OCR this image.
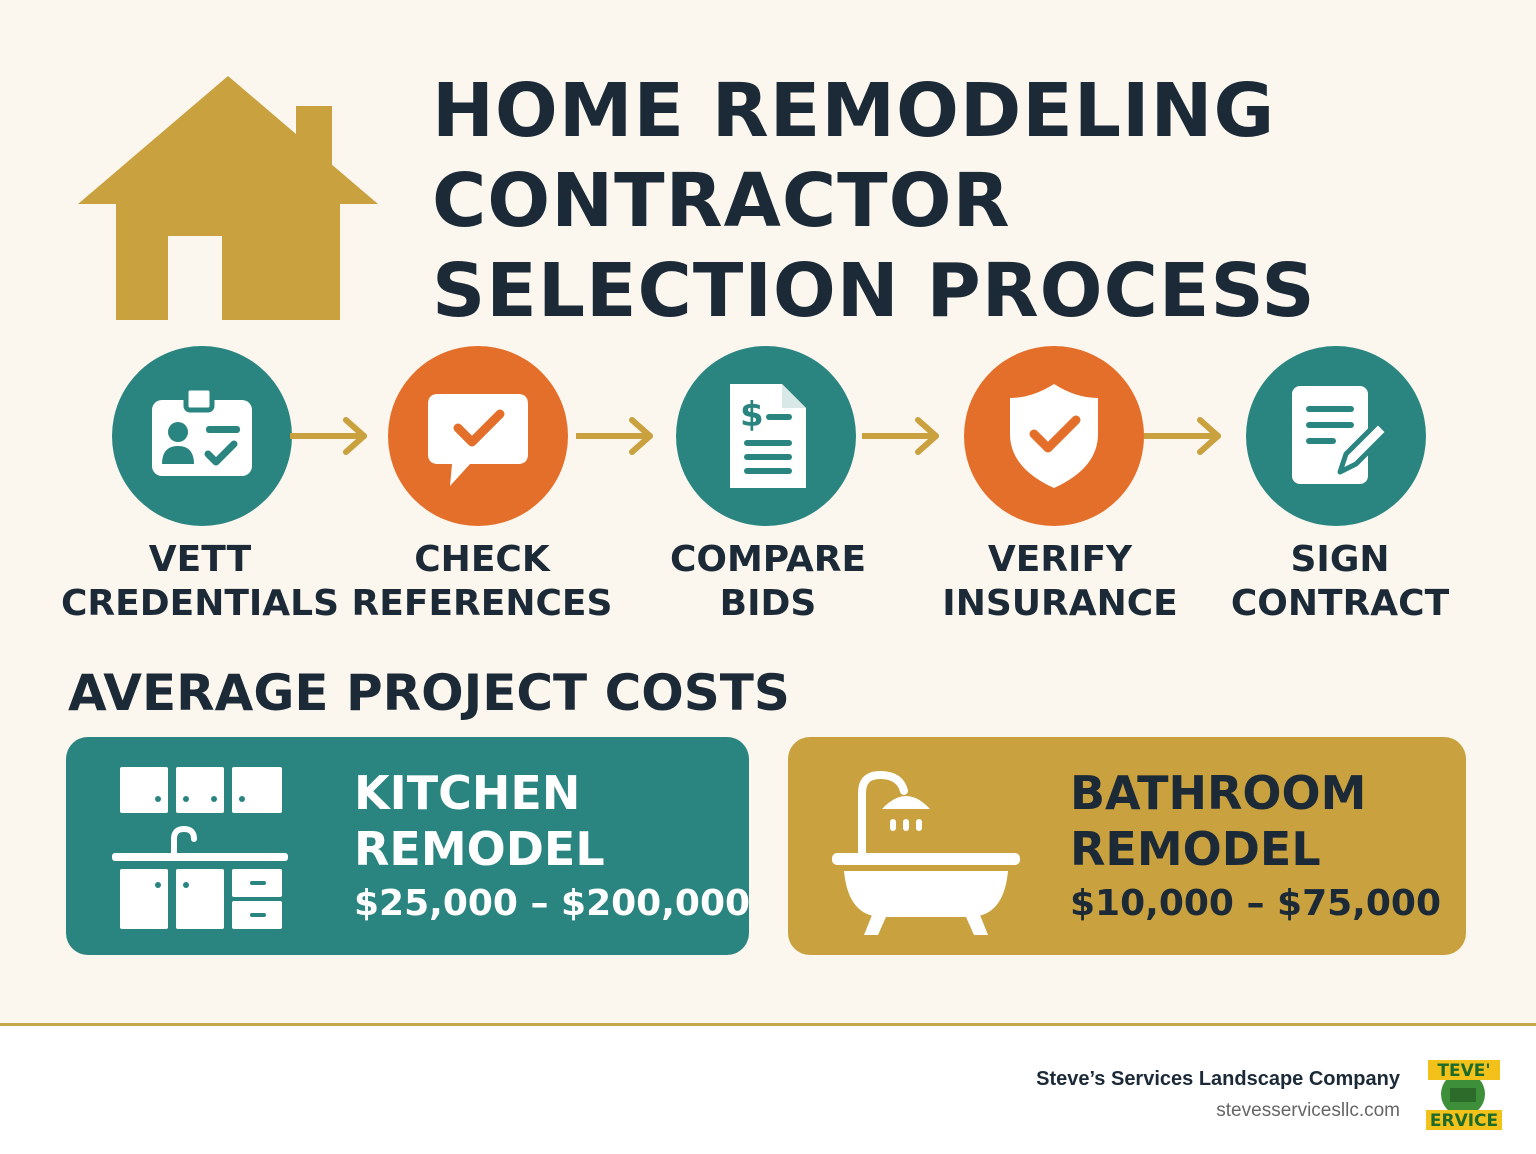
HOME REMODELING
CONTRACTOR
SELECTION PROCESS
$
VETT
CREDENTIALS
CHECK
REFERENCES
COMPARE
BIDS
VERIFY
INSURANCE
SIGN
CONTRACT
AVERAGE PROJECT COSTS
KITCHEN
REMODEL
$25,000 – $200,000
BATHROOM
REMODEL
$10,000 – $75,000
Steve’s Services Landscape Company
stevesservicesllc.com
TEVE'
ERVICE
